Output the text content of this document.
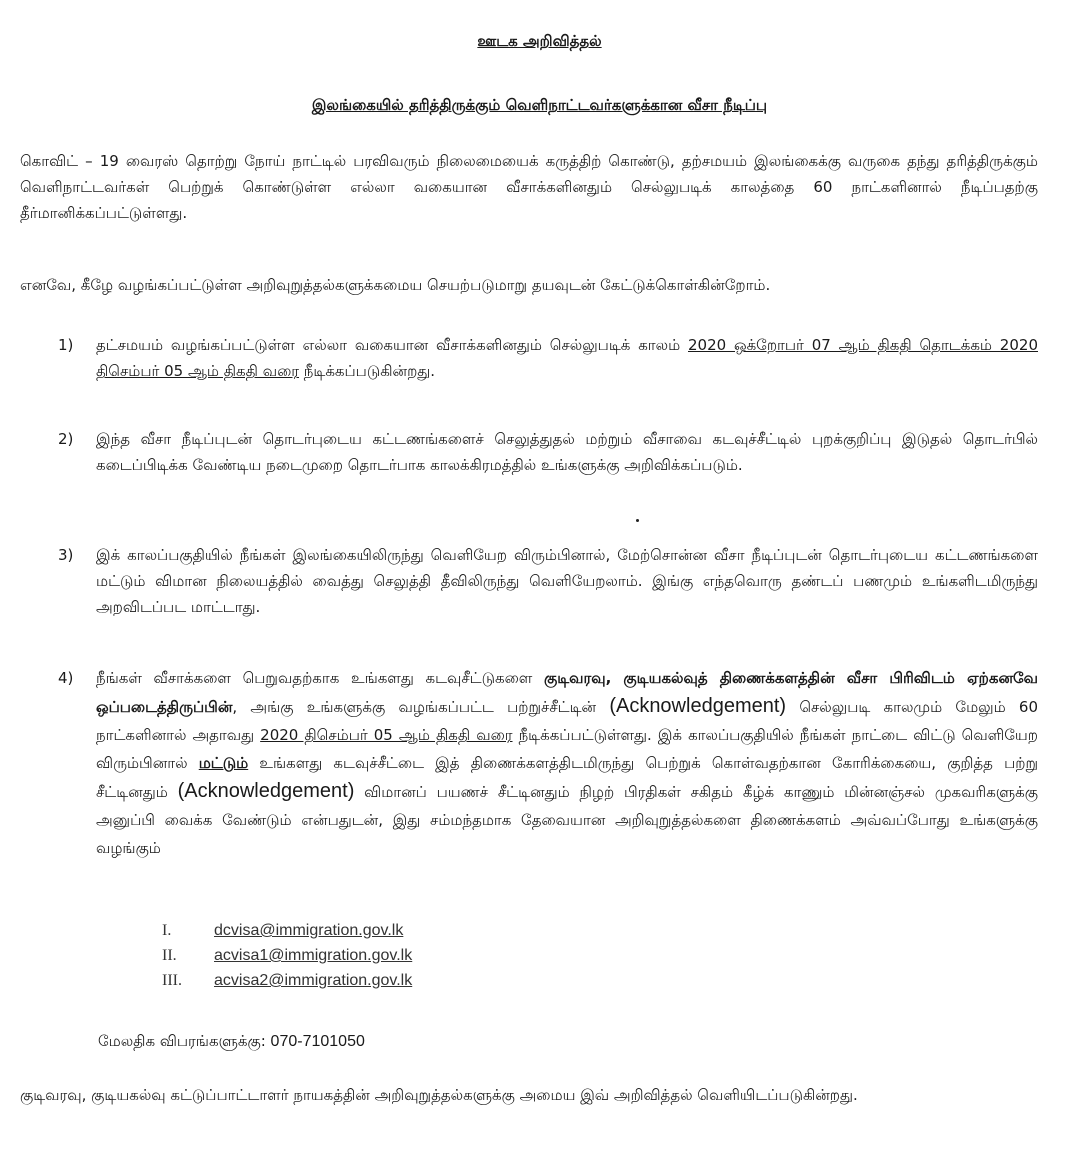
ஊடக அறிவித்தல்
இலங்கையில் தரித்திருக்கும் வெளிநாட்டவர்களுக்கான வீசா நீடிப்பு
கொவிட் – 19 வைரஸ் தொற்று நோய் நாட்டில் பரவிவரும் நிலைமையைக் கருத்திற் கொண்டு, தற்சமயம் இலங்கைக்கு வருகை தந்து தரித்திருக்கும் வெளிநாட்டவர்கள் பெற்றுக் கொண்டுள்ள எல்லா வகையான வீசாக்களினதும் செல்லுபடிக் காலத்தை 60 நாட்களினால் நீடிப்பதற்கு தீர்மானிக்கப்பட்டுள்ளது.
எனவே, கீழே வழங்கப்பட்டுள்ள அறிவுறுத்தல்களுக்கமைய செயற்படுமாறு தயவுடன் கேட்டுக்கொள்கின்றோம்.
1)	தட்சமயம் வழங்கப்பட்டுள்ள எல்லா வகையான வீசாக்களினதும் செல்லுபடிக் காலம் 2020 ஒக்றோபர் 07 ஆம் திகதி தொடக்கம் 2020 திசெம்பர் 05 ஆம் திகதி வரை நீடிக்கப்படுகின்றது.
2)	இந்த வீசா நீடிப்புடன் தொடர்புடைய கட்டணங்களைச் செலுத்துதல் மற்றும் வீசாவை கடவுச்சீட்டில் புறக்குறிப்பு இடுதல் தொடர்பில் கடைப்பிடிக்க வேண்டிய நடைமுறை தொடர்பாக காலக்கிரமத்தில் உங்களுக்கு அறிவிக்கப்படும்.
3)	இக் காலப்பகுதியில் நீங்கள் இலங்கையிலிருந்து வெளியேற விரும்பினால், மேற்சொன்ன வீசா நீடிப்புடன் தொடர்புடைய கட்டணங்களை மட்டும் விமான நிலையத்தில் வைத்து செலுத்தி தீவிலிருந்து வெளியேறலாம். இங்கு எந்தவொரு தண்டப் பணமும் உங்களிடமிருந்து அறவிடப்பட மாட்டாது.
4)	நீங்கள் வீசாக்களை பெறுவதற்காக உங்களது கடவுசீட்டுகளை குடிவரவு, குடியகல்வுத் திணைக்களத்தின் வீசா பிரிவிடம் ஏற்கனவே ஒப்படைத்திருப்பின், அங்கு உங்களுக்கு வழங்கப்பட்ட பற்றுச்சீட்டின் (Acknowledgement) செல்லுபடி காலமும் மேலும் 60 நாட்களினால் அதாவது 2020 திசெம்பர் 05 ஆம் திகதி வரை நீடிக்கப்பட்டுள்ளது. இக் காலப்பகுதியில் நீங்கள் நாட்டை விட்டு வெளியேற விரும்பினால் மட்டும் உங்களது கடவுச்சீட்டை இத் திணைக்களத்திடமிருந்து பெற்றுக் கொள்வதற்கான கோரிக்கையை, குறித்த பற்று சீட்டினதும் (Acknowledgement) விமானப் பயணச் சீட்டினதும் நிழற் பிரதிகள் சகிதம் கீழ்க் காணும் மின்னஞ்சல் முகவரிகளுக்கு அனுப்பி வைக்க வேண்டும் என்பதுடன், இது சம்மந்தமாக தேவையான அறிவுறுத்தல்களை திணைக்களம் அவ்வப்போது உங்களுக்கு வழங்கும்
I.	dcvisa@immigration.gov.lk
II.	acvisa1@immigration.gov.lk
III.	acvisa2@immigration.gov.lk
மேலதிக விபரங்களுக்கு: 070-7101050
குடிவரவு, குடியகல்வு கட்டுப்பாட்டாளர் நாயகத்தின் அறிவுறுத்தல்களுக்கு அமைய இவ் அறிவித்தல் வெளியிடப்படுகின்றது.
